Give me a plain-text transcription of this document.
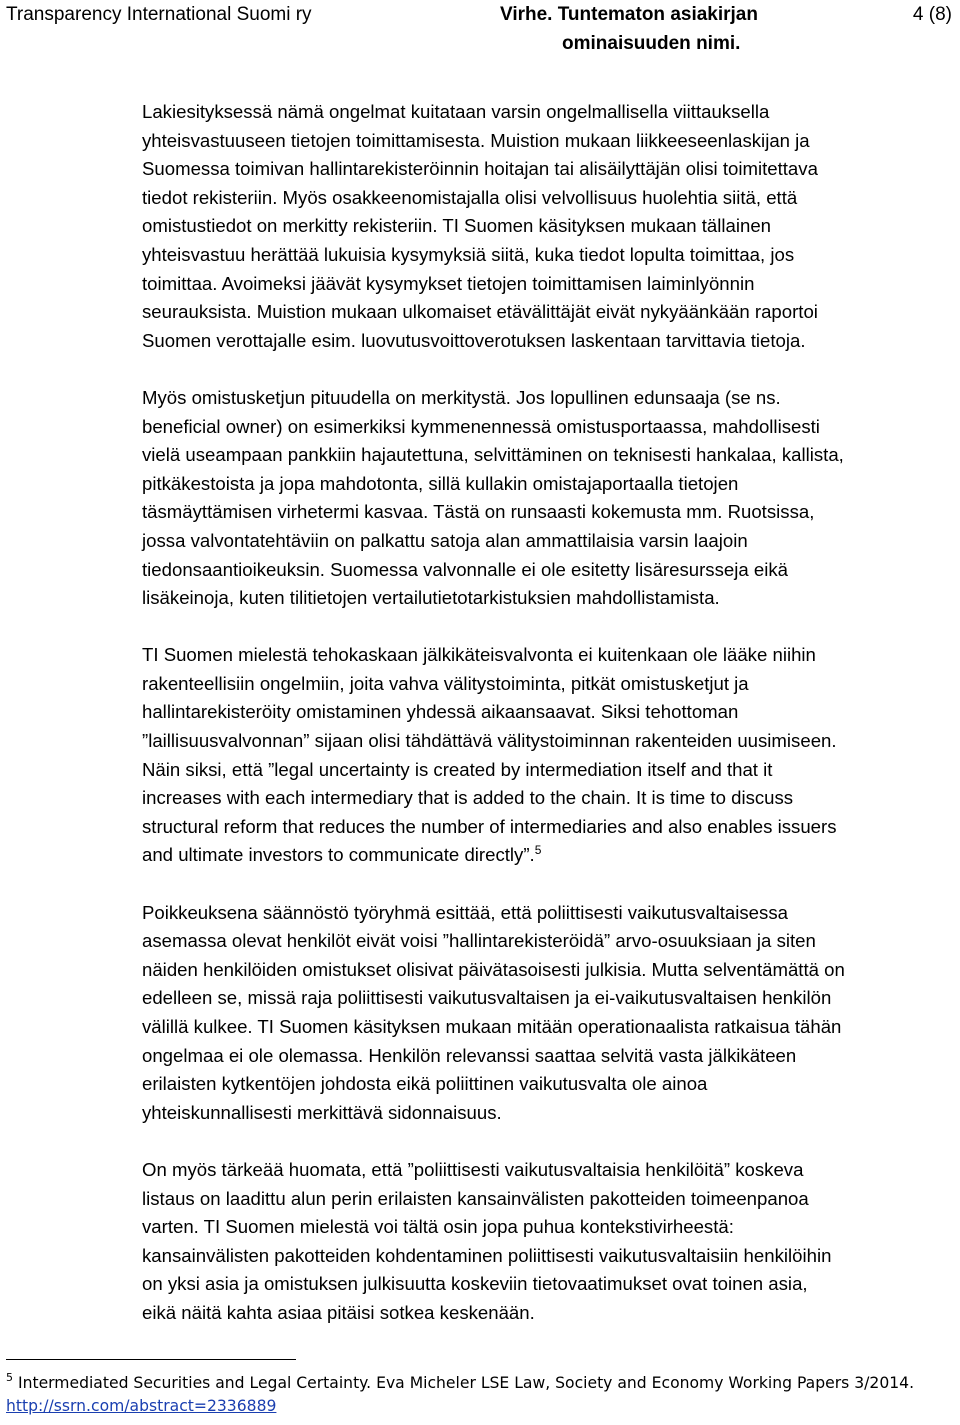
Transparency International Suomi ry	Virhe. Tuntematon asiakirjan
ominaisuuden nimi.
4 (8)

Lakiesityksessä nämä ongelmat kuitataan varsin ongelmallisella viittauksella
yhteisvastuuseen tietojen toimittamisesta. Muistion mukaan liikkeeseenlaskijan ja
Suomessa toimivan hallintarekisteröinnin hoitajan tai alisäilyttäjän olisi toimitettava
tiedot rekisteriin. Myös osakkeenomistajalla olisi velvollisuus huolehtia siitä, että
omistustiedot on merkitty rekisteriin. TI Suomen käsityksen mukaan tällainen
yhteisvastuu herättää lukuisia kysymyksiä siitä, kuka tiedot lopulta toimittaa, jos
toimittaa. Avoimeksi jäävät kysymykset tietojen toimittamisen laiminlyönnin
seurauksista. Muistion mukaan ulkomaiset etävälittäjät eivät nykyäänkään raportoi
Suomen verottajalle esim. luovutusvoittoverotuksen laskentaan tarvittavia tietoja.

Myös omistusketjun pituudella on merkitystä. Jos lopullinen edunsaaja (se ns.
beneficial owner) on esimerkiksi kymmenennessä omistusportaassa, mahdollisesti
vielä useampaan pankkiin hajautettuna, selvittäminen on teknisesti hankalaa, kallista,
pitkäkestoista ja jopa mahdotonta, sillä kullakin omistajaportaalla tietojen
täsmäyttämisen virhetermi kasvaa. Tästä on runsaasti kokemusta mm. Ruotsissa,
jossa valvontatehtäviin on palkattu satoja alan ammattilaisia varsin laajoin
tiedonsaantioikeuksin. Suomessa valvonnalle ei ole esitetty lisäresursseja eikä
lisäkeinoja, kuten tilitietojen vertailutietotarkistuksien mahdollistamista.

TI Suomen mielestä tehokaskaan jälkikäteisvalvonta ei kuitenkaan ole lääke niihin
rakenteellisiin ongelmiin, joita vahva välitystoiminta, pitkät omistusketjut ja
hallintarekisteröity omistaminen yhdessä aikaansaavat. Siksi tehottoman
”laillisuusvalvonnan” sijaan olisi tähdättävä välitystoiminnan rakenteiden uusimiseen.
Näin siksi, että ”legal uncertainty is created by intermediation itself and that it
increases with each intermediary that is added to the chain. It is time to discuss
structural reform that reduces the number of intermediaries and also enables issuers
and ultimate investors to communicate directly”.$^5$

Poikkeuksena säännöstö työryhmä esittää, että poliittisesti vaikutusvaltaisessa
asemassa olevat henkilöt eivät voisi ”hallintarekisteröidä” arvo-osuuksiaan ja siten
näiden henkilöiden omistukset olisivat päivätasoisesti julkisia. Mutta selventämättä on
edelleen se, missä raja poliittisesti vaikutusvaltaisen ja ei-vaikutusvaltaisen henkilön
välillä kulkee. TI Suomen käsityksen mukaan mitään operationaalista ratkaisua tähän
ongelmaa ei ole olemassa. Henkilön relevanssi saattaa selvitä vasta jälkikäteen
erilaisten kytkentöjen johdosta eikä poliittinen vaikutusvalta ole ainoa
yhteiskunnallisesti merkittävä sidonnaisuus.

On myös tärkeää huomata, että ”poliittisesti vaikutusvaltaisia henkilöitä” koskeva
listaus on laadittu alun perin erilaisten kansainvälisten pakotteiden toimeenpanoa
varten. TI Suomen mielestä voi tältä osin jopa puhua kontekstivirheestä:
kansainvälisten pakotteiden kohdentaminen poliittisesti vaikutusvaltaisiin henkilöihin
on yksi asia ja omistuksen julkisuutta koskeviin tietovaatimukset ovat toinen asia,
eikä näitä kahta asiaa pitäisi sotkea keskenään.

$^5$ Intermediated Securities and Legal Certainty. Eva Micheler LSE Law, Society and Economy Working Papers 3/2014.
http://ssrn.com/abstract=2336889
